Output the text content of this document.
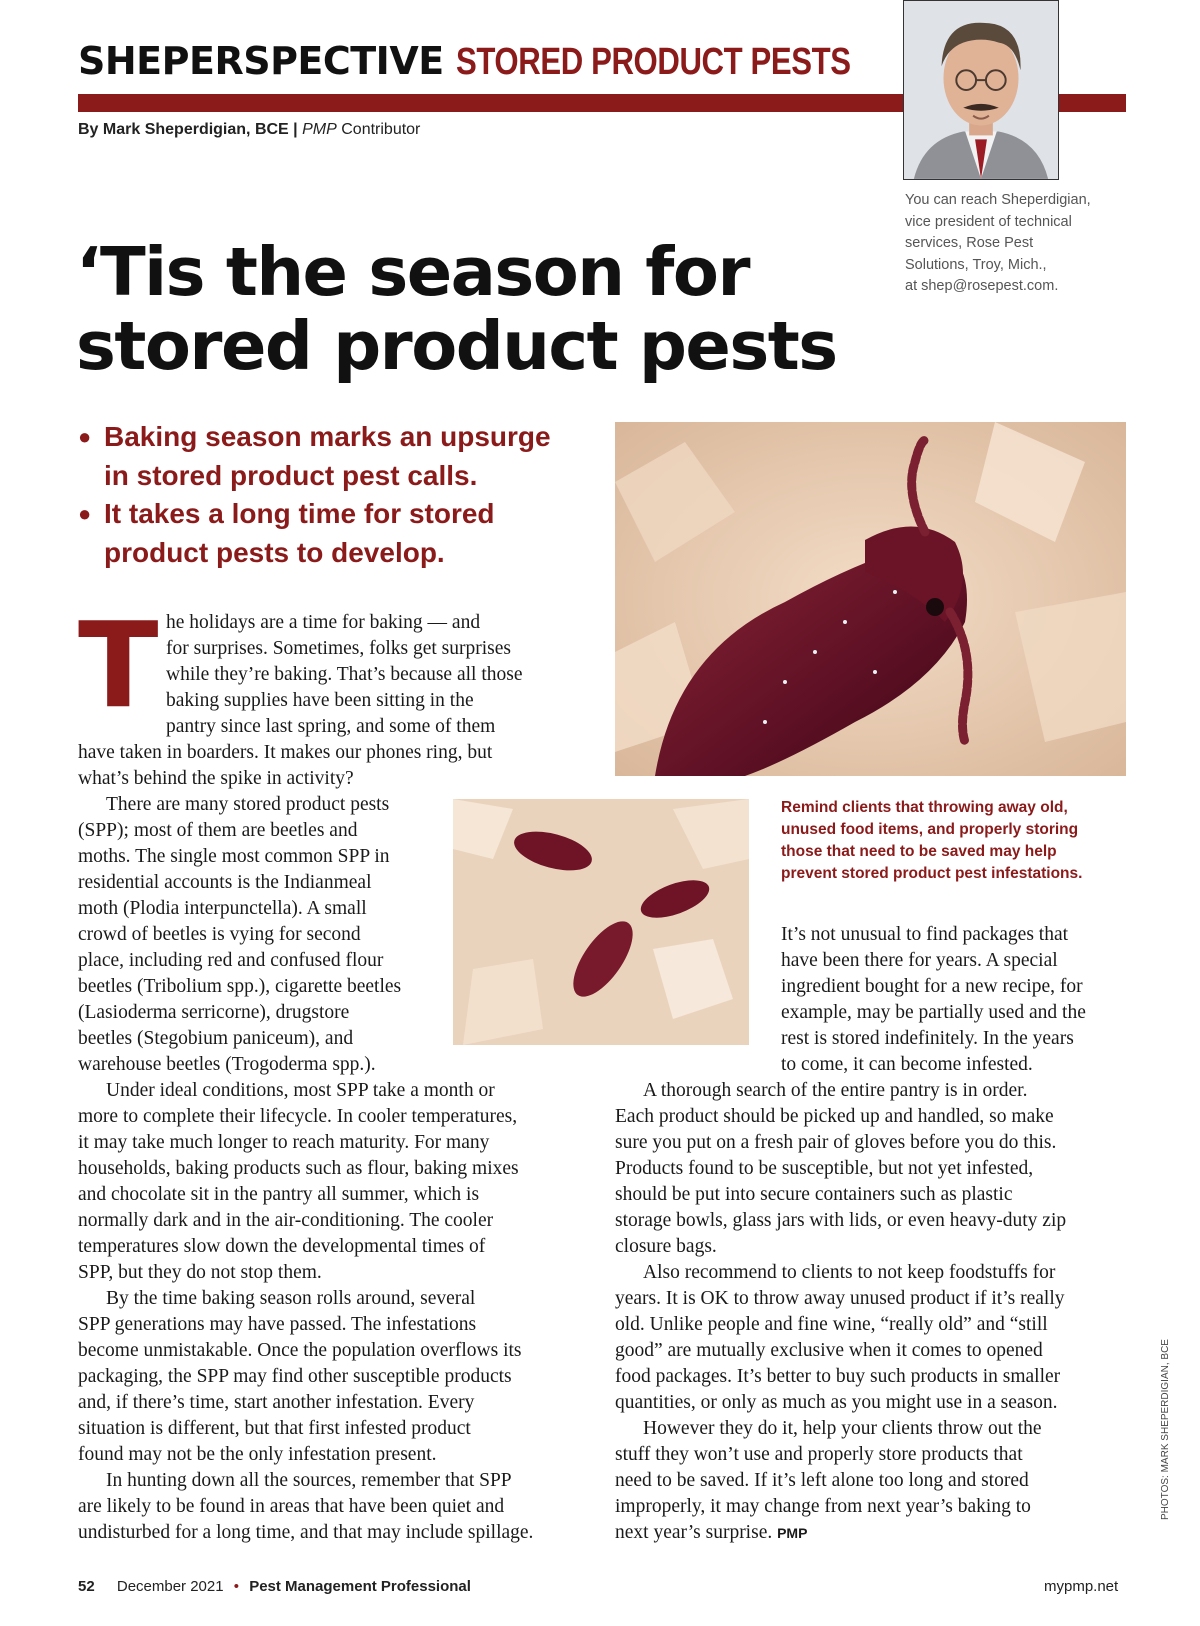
SHEPERSPECTIVE STORED PRODUCT PESTS
By Mark Sheperdigian, BCE | PMP Contributor
You can reach Sheperdigian,
vice president of technical
services, Rose Pest
Solutions, Troy, Mich.,
at shep@rosepest.com.
‘Tis the season for
stored product pests
● Baking season marks an upsurge
in stored product pest calls.
● It takes a long time for stored
product pests to develop.
Remind clients that throwing away old,
unused food items, and properly storing
those that need to be saved may help
prevent stored product pest infestations.
T he holidays are a time for baking — and
for surprises. Sometimes, folks get surprises
while they’re baking. That’s because all those
baking supplies have been sitting in the
pantry since last spring, and some of them
have taken in boarders. It makes our phones ring, but
what’s behind the spike in activity?
There are many stored product pests
(SPP); most of them are beetles and
moths. The single most common SPP in
residential accounts is the Indianmeal
moth (Plodia interpunctella). A small
crowd of beetles is vying for second
place, including red and confused flour
beetles (Tribolium spp.), cigarette beetles
(Lasioderma serricorne), drugstore
beetles (Stegobium paniceum), and
warehouse beetles (Trogoderma spp.).
Under ideal conditions, most SPP take a month or
more to complete their lifecycle. In cooler temperatures,
it may take much longer to reach maturity. For many
households, baking products such as flour, baking mixes
and chocolate sit in the pantry all summer, which is
normally dark and in the air-conditioning. The cooler
temperatures slow down the developmental times of
SPP, but they do not stop them.
By the time baking season rolls around, several
SPP generations may have passed. The infestations
become unmistakable. Once the population overflows its
packaging, the SPP may find other susceptible products
and, if there’s time, start another infestation. Every
situation is different, but that first infested product
found may not be the only infestation present.
In hunting down all the sources, remember that SPP
are likely to be found in areas that have been quiet and
undisturbed for a long time, and that may include spillage.
It’s not unusual to find packages that
have been there for years. A special
ingredient bought for a new recipe, for
example, may be partially used and the
rest is stored indefinitely. In the years
to come, it can become infested.
A thorough search of the entire pantry is in order.
Each product should be picked up and handled, so make
sure you put on a fresh pair of gloves before you do this.
Products found to be susceptible, but not yet infested,
should be put into secure containers such as plastic
storage bowls, glass jars with lids, or even heavy-duty zip
closure bags.
Also recommend to clients to not keep foodstuffs for
years. It is OK to throw away unused product if it’s really
old. Unlike people and fine wine, “really old” and “still
good” are mutually exclusive when it comes to opened
food packages. It’s better to buy such products in smaller
quantities, or only as much as you might use in a season.
However they do it, help your clients throw out the
stuff they won’t use and properly store products that
need to be saved. If it’s left alone too long and stored
improperly, it may change from next year’s baking to
next year’s surprise. PMP
PHOTOS: MARK SHEPERDIGIAN, BCE
52 December 2021 • Pest Management Professional	mypmp.net
